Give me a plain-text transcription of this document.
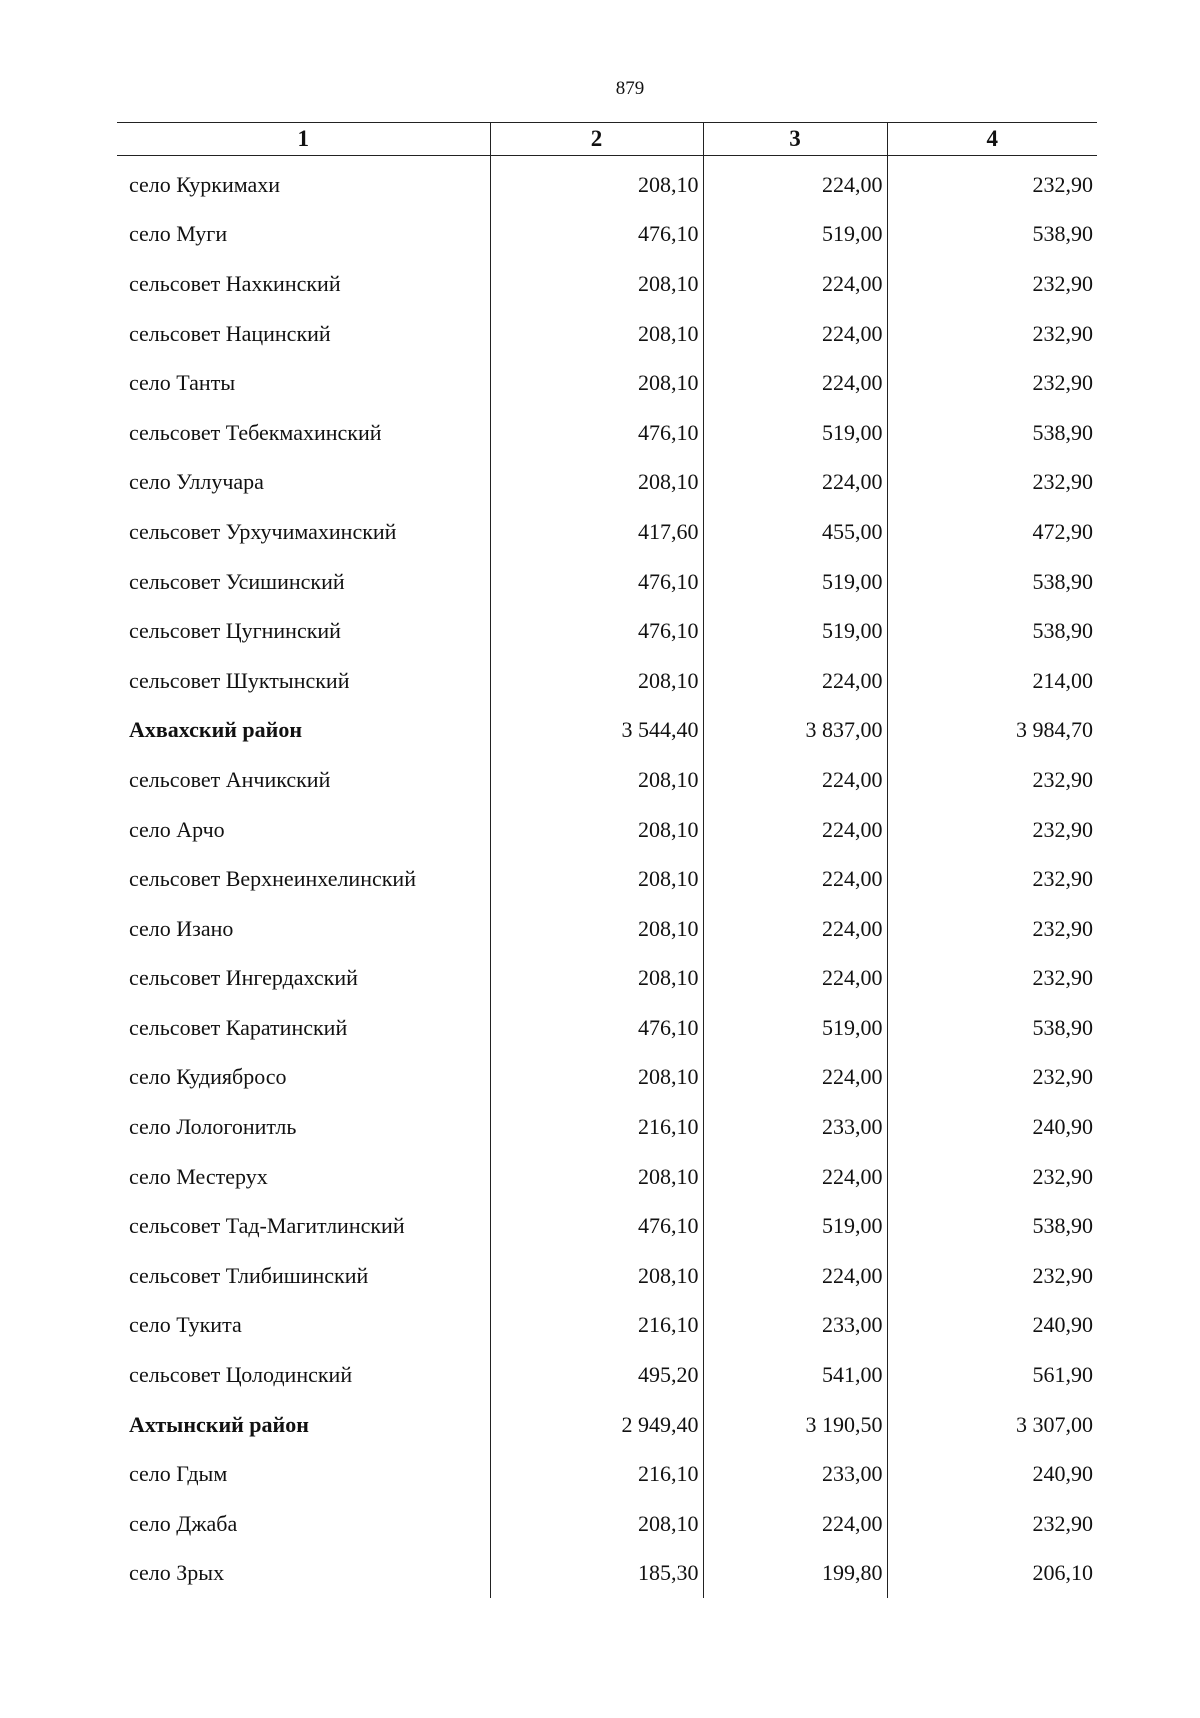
879
1	2	3	4
село Куркимахи	208,10	224,00	232,90
село Муги	476,10	519,00	538,90
сельсовет Нахкинский	208,10	224,00	232,90
сельсовет Нацинский	208,10	224,00	232,90
село Танты	208,10	224,00	232,90
сельсовет Тебекмахинский	476,10	519,00	538,90
село Уллучара	208,10	224,00	232,90
сельсовет Урхучимахинский	417,60	455,00	472,90
сельсовет Усишинский	476,10	519,00	538,90
сельсовет Цугнинский	476,10	519,00	538,90
сельсовет Шуктынский	208,10	224,00	214,00
Ахвахский район	3 544,40	3 837,00	3 984,70
сельсовет Анчикский	208,10	224,00	232,90
село Арчо	208,10	224,00	232,90
сельсовет Верхнеинхелинский	208,10	224,00	232,90
село Изано	208,10	224,00	232,90
сельсовет Ингердахский	208,10	224,00	232,90
сельсовет Каратинский	476,10	519,00	538,90
село Кудиябросо	208,10	224,00	232,90
село Лологонитль	216,10	233,00	240,90
село Местерух	208,10	224,00	232,90
сельсовет Тад-Магитлинский	476,10	519,00	538,90
сельсовет Тлибишинский	208,10	224,00	232,90
село Тукита	216,10	233,00	240,90
сельсовет Цолодинский	495,20	541,00	561,90
Ахтынский район	2 949,40	3 190,50	3 307,00
село Гдым	216,10	233,00	240,90
село Джаба	208,10	224,00	232,90
село Зрых	185,30	199,80	206,10
